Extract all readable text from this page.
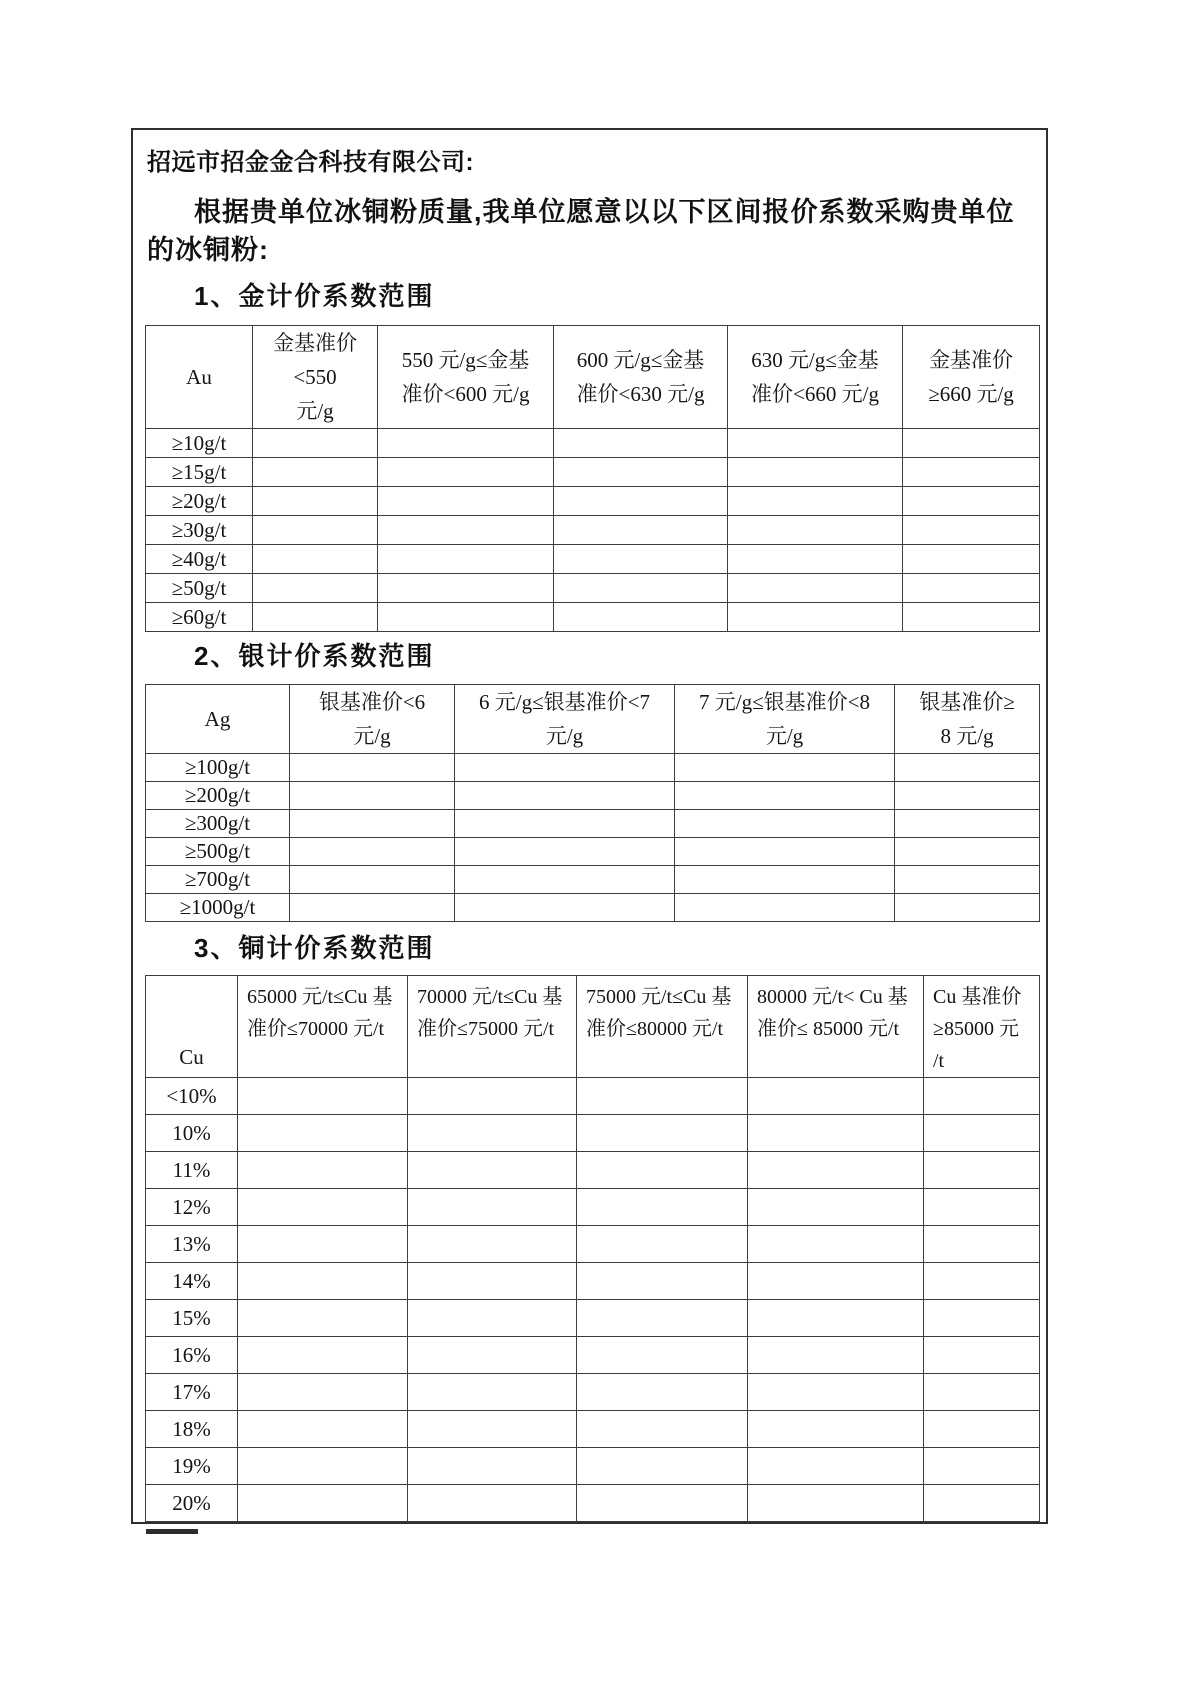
招远市招金金合科技有限公司:
根据贵单位冰铜粉质量,我单位愿意以以下区间报价系数采购贵单位
的冰铜粉:
1、金计价系数范围
Au	金基准价<550 元/g	550 元/g≤金基准价<600 元/g	600 元/g≤金基准价<630 元/g	630 元/g≤金基准价<660 元/g	金基准价≥660 元/g
≥10g/t					
≥15g/t					
≥20g/t					
≥30g/t					
≥40g/t					
≥50g/t					
≥60g/t					
2、银计价系数范围
Ag	银基准价<6 元/g	6 元/g≤银基准价<7 元/g	7 元/g≤银基准价<8 元/g	银基准价≥ 8 元/g
≥100g/t				
≥200g/t				
≥300g/t				
≥500g/t				
≥700g/t				
≥1000g/t				
3、铜计价系数范围
Cu	65000 元/t≤Cu 基准价≤70000 元/t	70000 元/t≤Cu 基准价≤75000 元/t	75000 元/t≤Cu 基准价≤80000 元/t	80000 元/t< Cu 基准价≤ 85000 元/t	Cu 基准价 ≥85000 元 /t
<10%					
10%					
11%					
12%					
13%					
14%					
15%					
16%					
17%					
18%					
19%					
20%					
